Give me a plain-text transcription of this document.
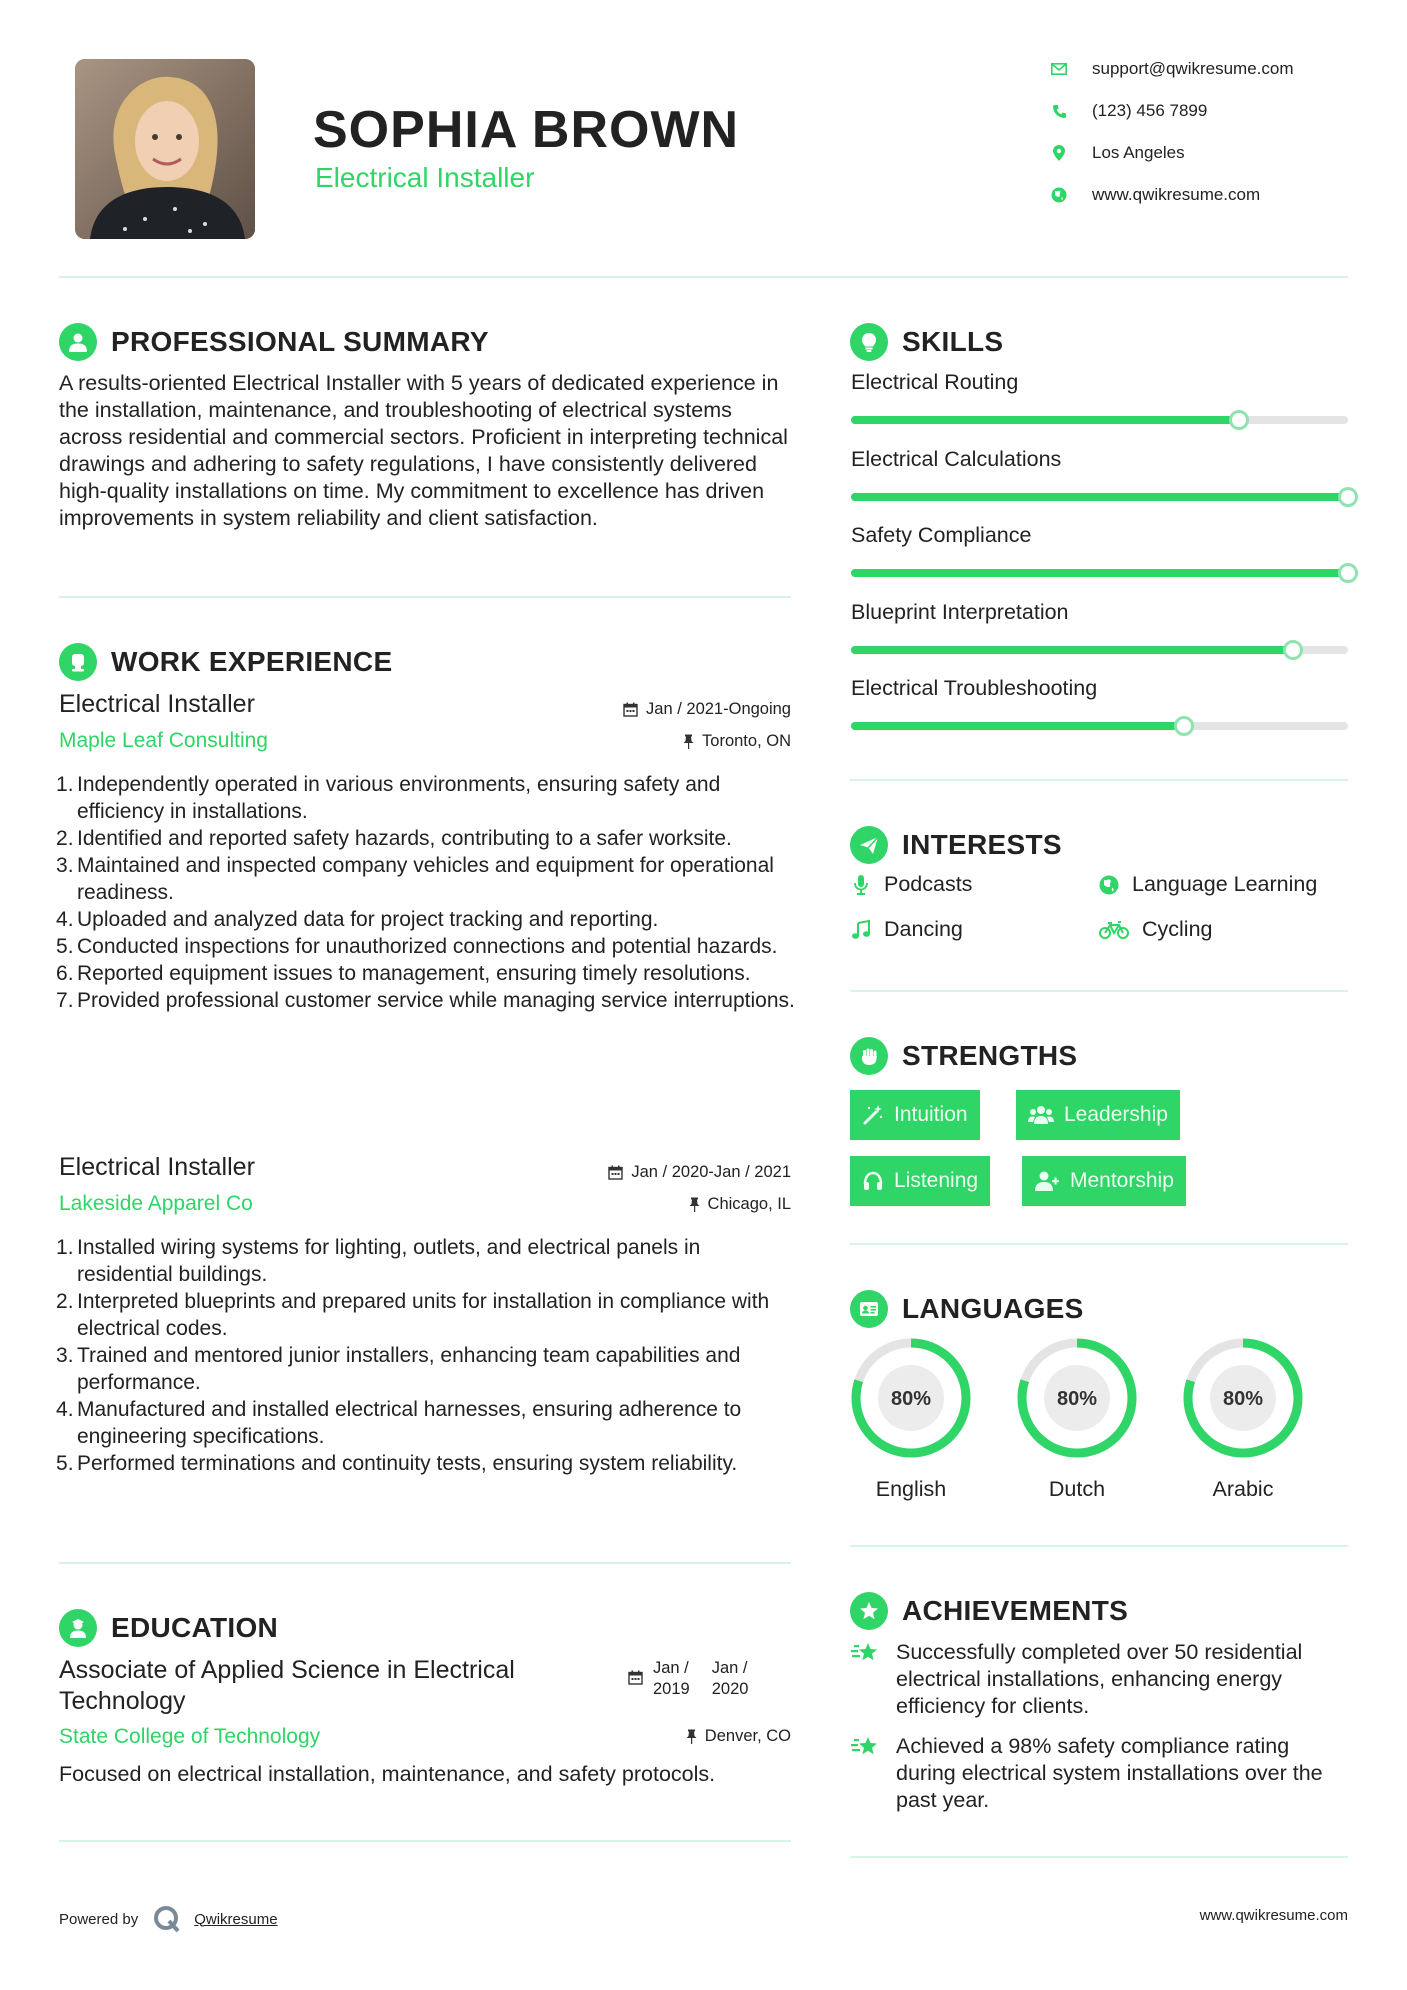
SOPHIA BROWN
Electrical Installer
support@qwikresume.com
(123) 456 7899
Los Angeles
www.qwikresume.com
PROFESSIONAL SUMMARY
A results-oriented Electrical Installer with 5 years of dedicated experience in the installation, maintenance, and troubleshooting of electrical systems across residential and commercial sectors. Proficient in interpreting technical drawings and adhering to safety regulations, I have consistently delivered high-quality installations on time. My commitment to excellence has driven improvements in system reliability and client satisfaction.
WORK EXPERIENCE
Electrical Installer	Jan / 2021-Ongoing
Maple Leaf Consulting	Toronto, ON
Independently operated in various environments, ensuring safety and efficiency in installations.
Identified and reported safety hazards, contributing to a safer worksite.
Maintained and inspected company vehicles and equipment for operational readiness.
Uploaded and analyzed data for project tracking and reporting.
Conducted inspections for unauthorized connections and potential hazards.
Reported equipment issues to management, ensuring timely resolutions.
Provided professional customer service while managing service interruptions.
Electrical Installer	Jan / 2020-Jan / 2021
Lakeside Apparel Co	Chicago, IL
Installed wiring systems for lighting, outlets, and electrical panels in residential buildings.
Interpreted blueprints and prepared units for installation in compliance with electrical codes.
Trained and mentored junior installers, enhancing team capabilities and performance.
Manufactured and installed electrical harnesses, ensuring adherence to engineering specifications.
Performed terminations and continuity tests, ensuring system reliability.
EDUCATION
Associate of Applied Science in Electrical Technology
Jan /
2019
Jan /
2020
State College of Technology	Denver, CO
Focused on electrical installation, maintenance, and safety protocols.
SKILLS
Electrical Routing
Electrical Calculations
Safety Compliance
Blueprint Interpretation
Electrical Troubleshooting
INTERESTS
Podcasts	Language Learning
Dancing	Cycling
STRENGTHS
Intuition	Leadership
Listening	Mentorship
LANGUAGES
80%
English
80%
Dutch
80%
Arabic
ACHIEVEMENTS
Successfully completed over 50 residential electrical installations, enhancing energy efficiency for clients.
Achieved a 98% safety compliance rating during electrical system installations over the past year.
Powered by	Qwikresume	www.qwikresume.com
